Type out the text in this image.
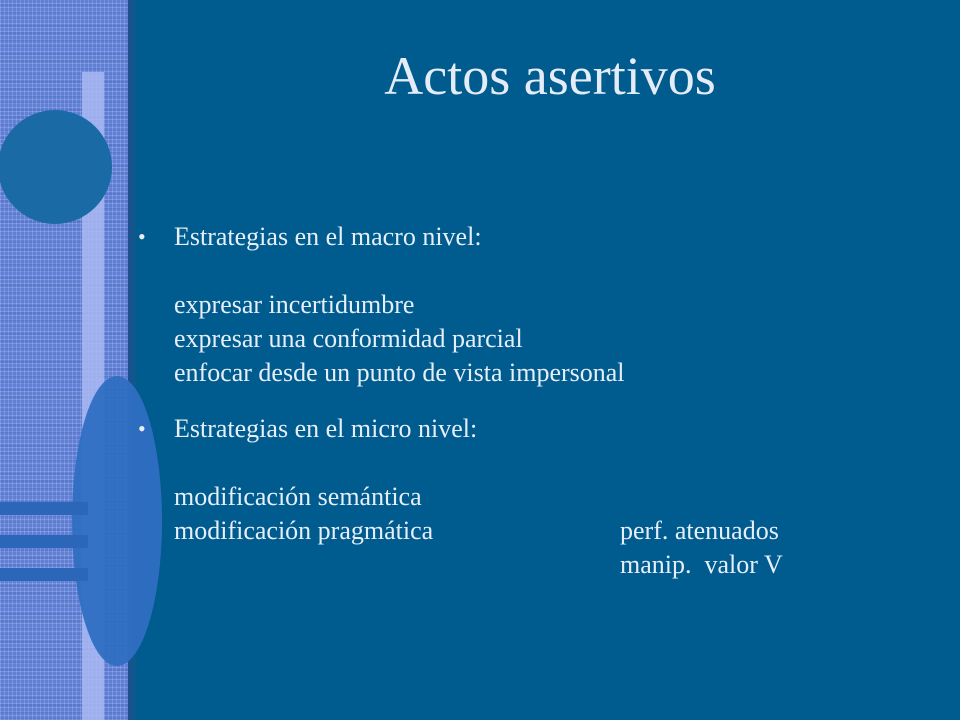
Actos asertivos
• Estrategias en el macro nivel:
expresar incertidumbre
expresar una conformidad parcial
enfocar desde un punto de vista impersonal
• Estrategias en el micro nivel:
modificación semántica
modificación pragmática	perf. atenuados
manip.  valor V
